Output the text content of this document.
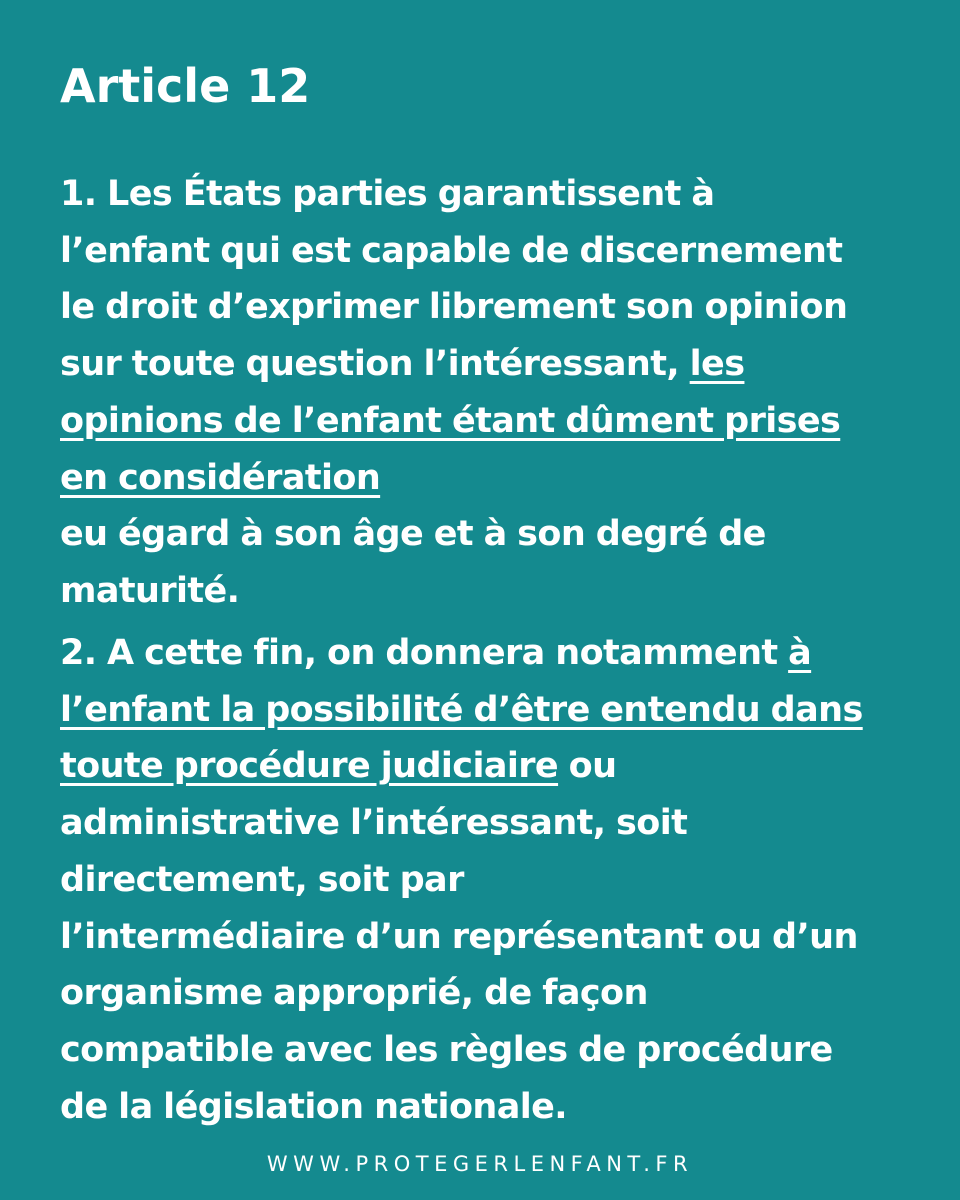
Article 12

1. Les États parties garantissent à
l’enfant qui est capable de discernement
le droit d’exprimer librement son opinion
sur toute question l’intéressant, les
opinions de l’enfant étant dûment prises
en considération
eu égard à son âge et à son degré de
maturité.

2. A cette fin, on donnera notamment à
l’enfant la possibilité d’être entendu dans
toute procédure judiciaire ou
administrative l’intéressant, soit
directement, soit par
l’intermédiaire d’un représentant ou d’un
organisme approprié, de façon
compatible avec les règles de procédure
de la législation nationale.

WWW.PROTEGERLENFANT.FR
